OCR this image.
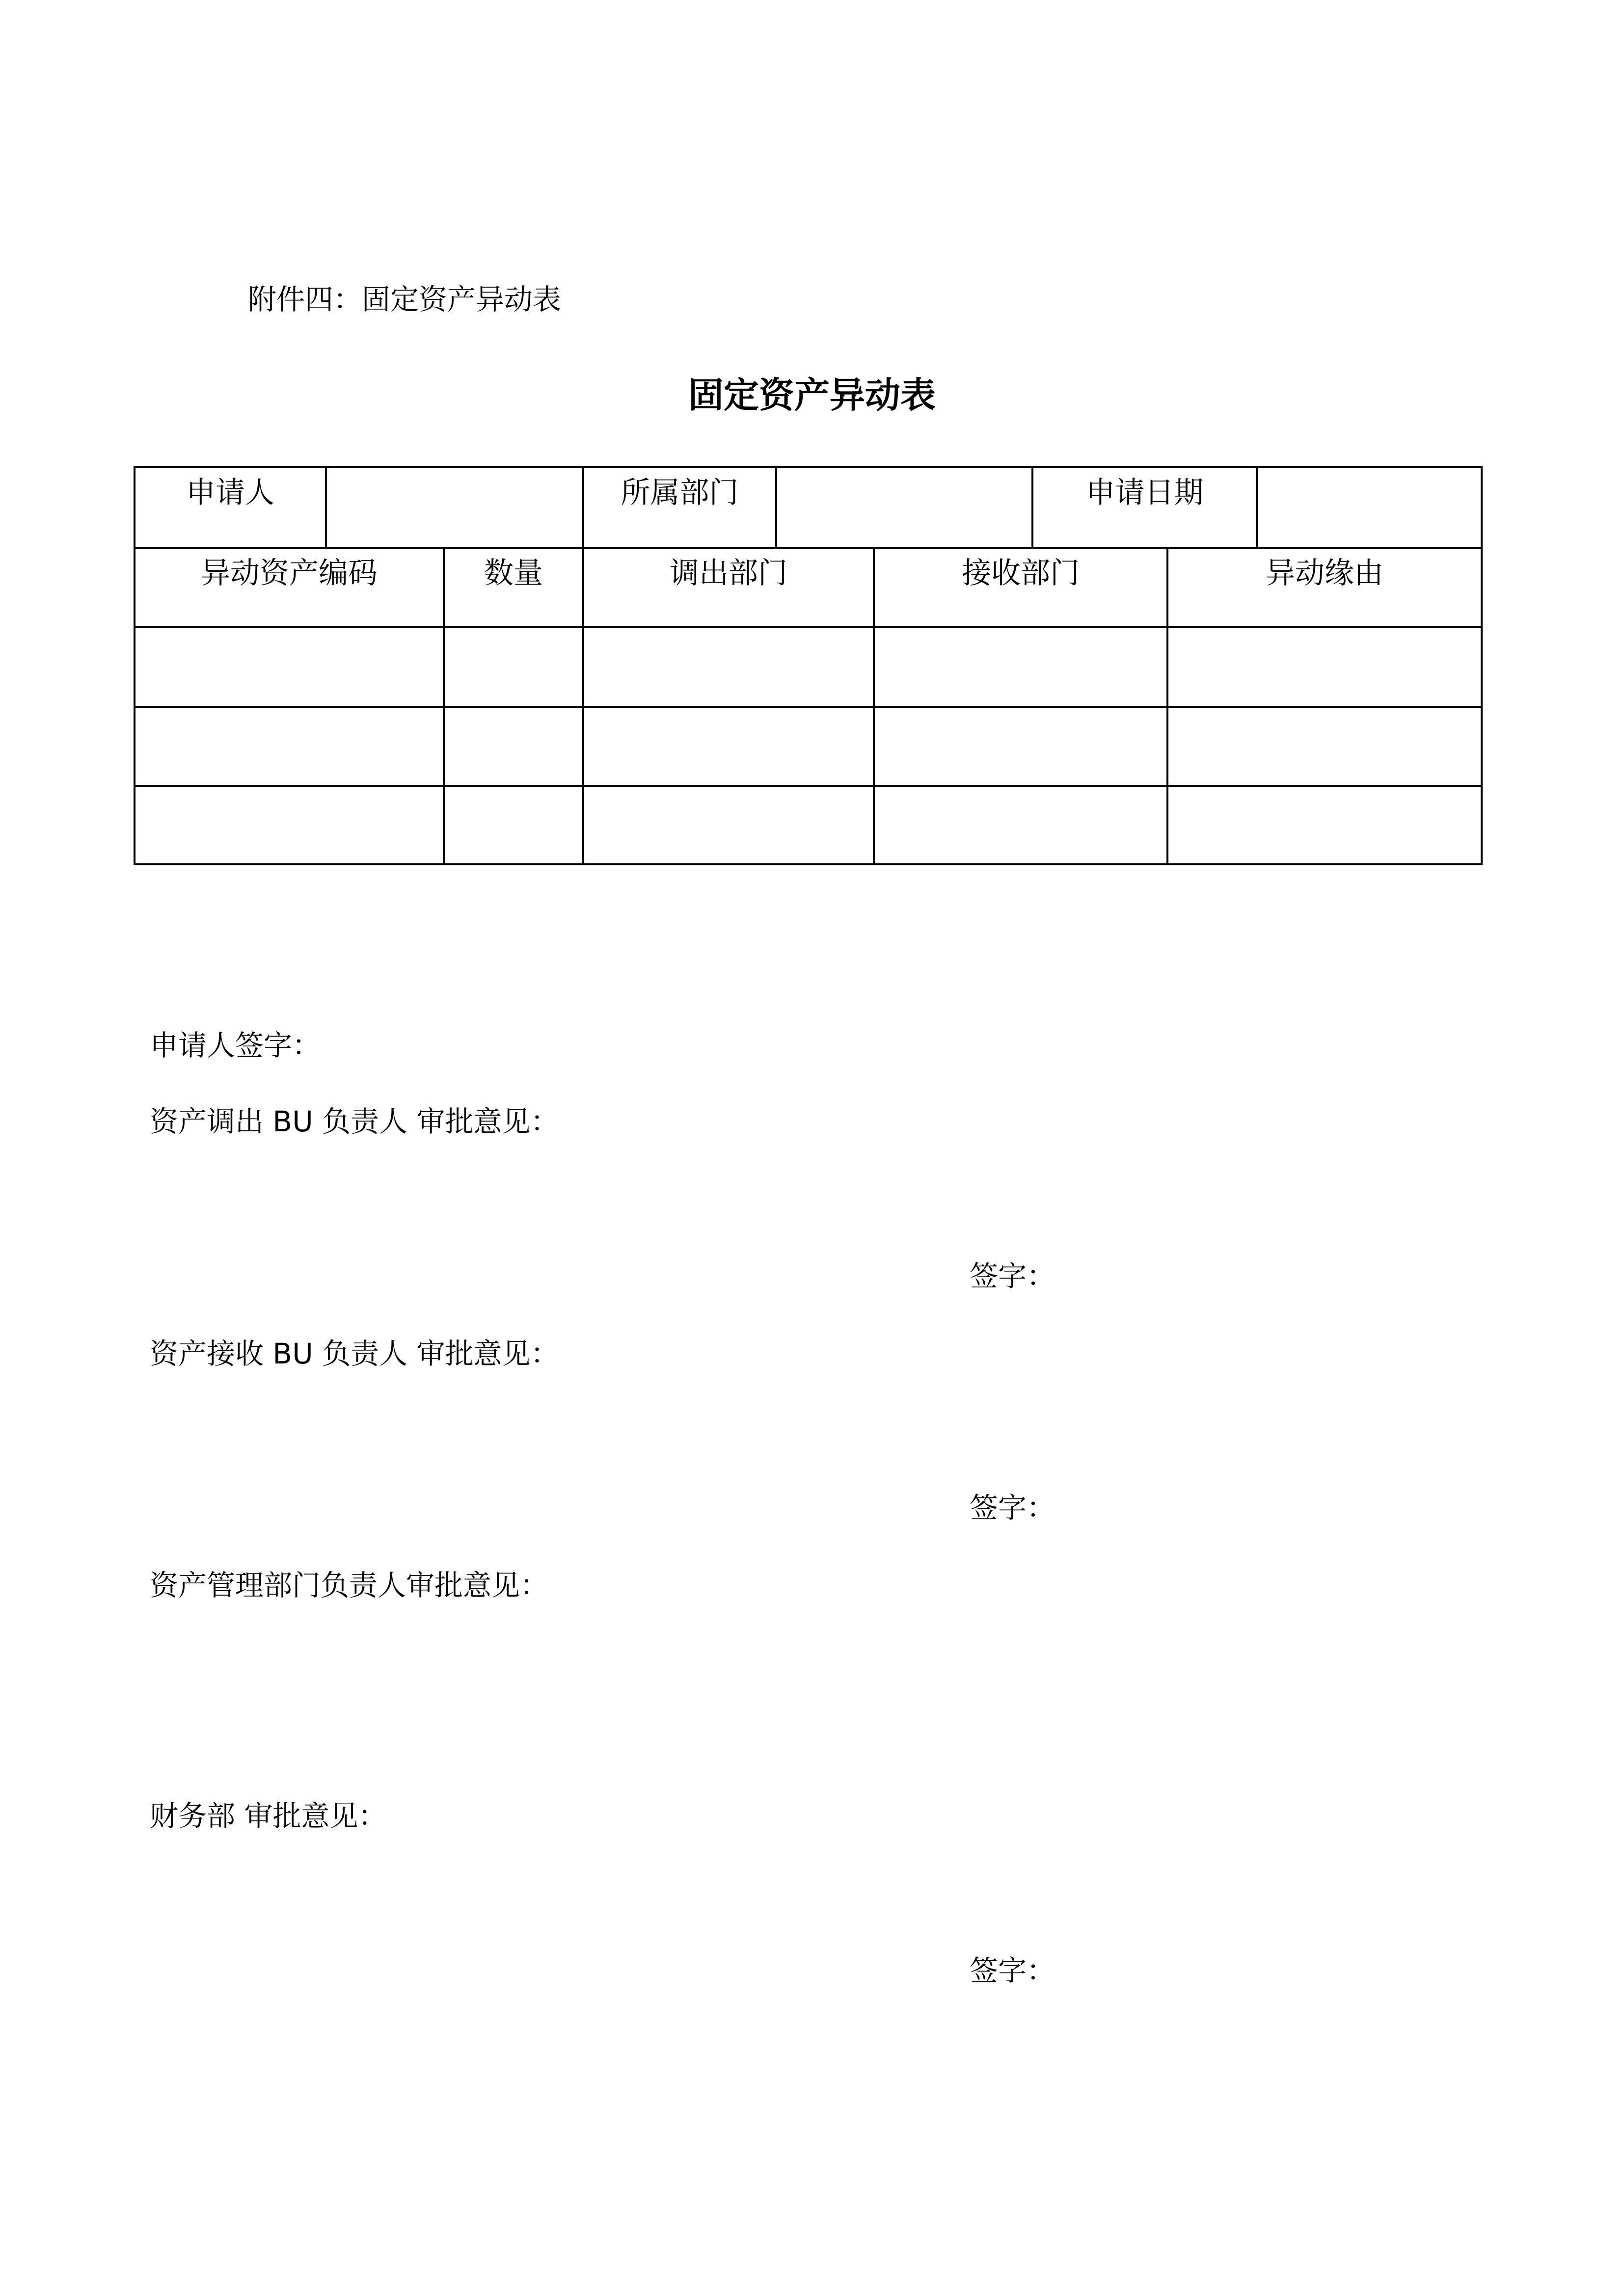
附件四：固定资产异动表
固定资产异动表
申请人	所属部门	申请日期
异动资产编码	数量	调出部门	接收部门	异动缘由
申请人签字：
资产调出 BU 负责人 审批意见：
签字：
资产接收 BU 负责人 审批意见：
签字：
资产管理部门负责人审批意见：
财务部 审批意见：
签字：
